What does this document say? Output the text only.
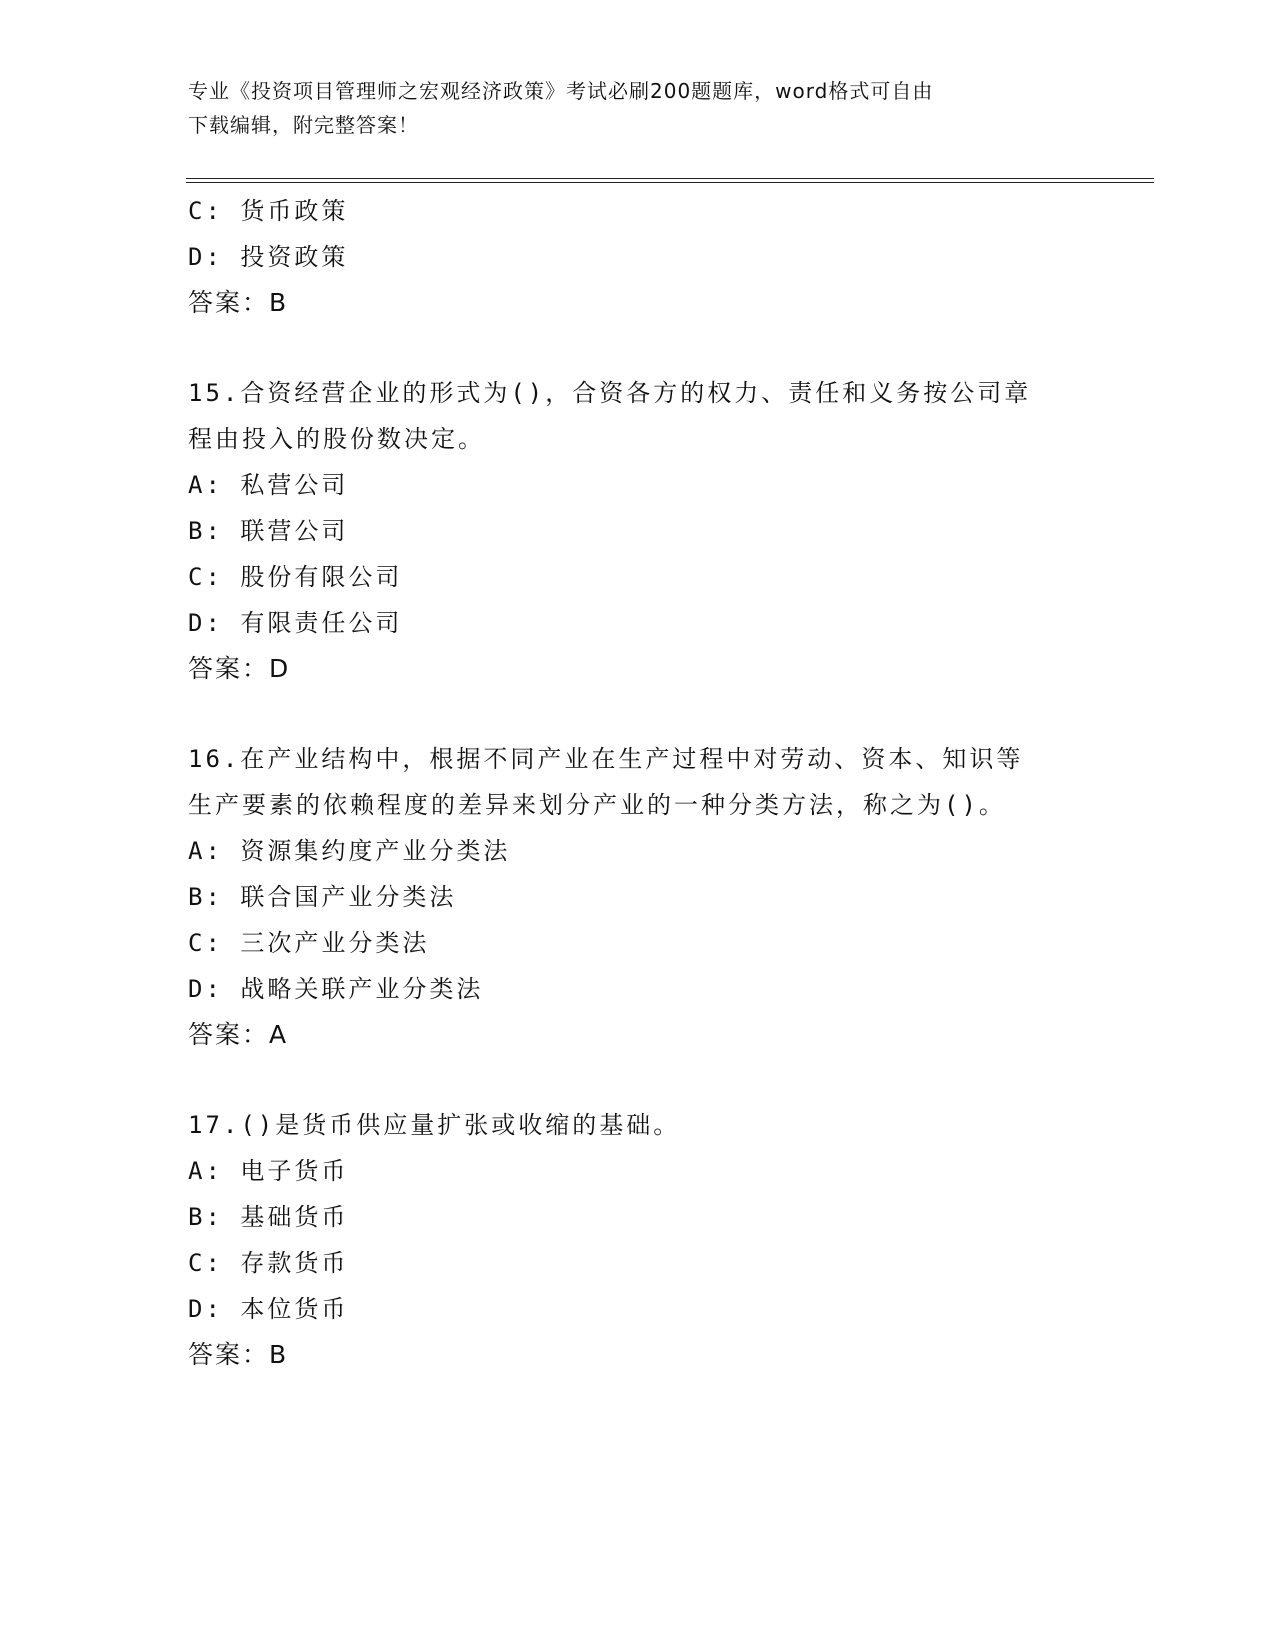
专业《投资项目管理师之宏观经济政策》考试必刷200题题库，word格式可自由
下载编辑，附完整答案！
C: 货币政策
D: 投资政策
答案：B
15.合资经营企业的形式为()，合资各方的权力、责任和义务按公司章
程由投入的股份数决定。
A: 私营公司
B: 联营公司
C: 股份有限公司
D: 有限责任公司
答案：D
16.在产业结构中，根据不同产业在生产过程中对劳动、资本、知识等
生产要素的依赖程度的差异来划分产业的一种分类方法，称之为()。
A: 资源集约度产业分类法
B: 联合国产业分类法
C: 三次产业分类法
D: 战略关联产业分类法
答案：A
17.()是货币供应量扩张或收缩的基础。
A: 电子货币
B: 基础货币
C: 存款货币
D: 本位货币
答案：B
